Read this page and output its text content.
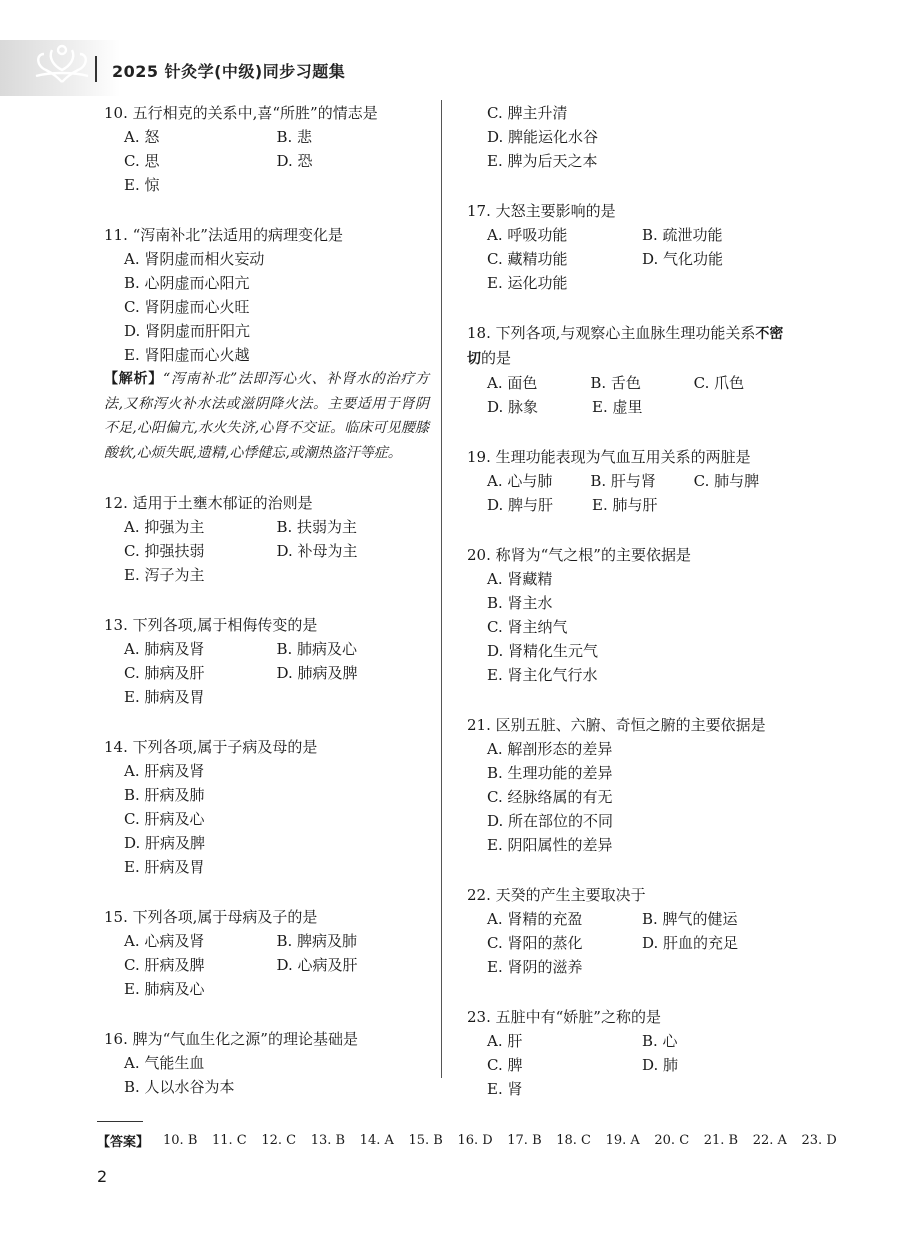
2025 针灸学(中级)同步习题集
10. 五行相克的关系中,喜“所胜”的情志是
A. 怒	B. 悲
C. 思	D. 恐
E. 惊
11. “泻南补北”法适用的病理变化是
A. 肾阴虚而相火妄动
B. 心阴虚而心阳亢
C. 肾阴虚而心火旺
D. 肾阴虚而肝阳亢
E. 肾阳虚而心火越
【解析】“泻南补北”法即泻心火、补肾水的治疗方法,又称泻火补水法或滋阴降火法。主要适用于肾阴不足,心阳偏亢,水火失济,心肾不交证。临床可见腰膝酸软,心烦失眠,遗精,心悸健忘,或潮热盗汗等症。
12. 适用于土壅木郁证的治则是
A. 抑强为主	B. 扶弱为主
C. 抑强扶弱	D. 补母为主
E. 泻子为主
13. 下列各项,属于相侮传变的是
A. 肺病及肾	B. 肺病及心
C. 肺病及肝	D. 肺病及脾
E. 肺病及胃
14. 下列各项,属于子病及母的是
A. 肝病及肾
B. 肝病及肺
C. 肝病及心
D. 肝病及脾
E. 肝病及胃
15. 下列各项,属于母病及子的是
A. 心病及肾	B. 脾病及肺
C. 肝病及脾	D. 心病及肝
E. 肺病及心
16. 脾为“气血生化之源”的理论基础是
A. 气能生血
B. 人以水谷为本
C. 脾主升清
D. 脾能运化水谷
E. 脾为后天之本
17. 大怒主要影响的是
A. 呼吸功能	B. 疏泄功能
C. 藏精功能	D. 气化功能
E. 运化功能
18. 下列各项,与观察心主血脉生理功能关系不密切的是
A. 面色	B. 舌色	C. 爪色
D. 脉象	E. 虚里
19. 生理功能表现为气血互用关系的两脏是
A. 心与肺	B. 肝与肾	C. 肺与脾
D. 脾与肝	E. 肺与肝
20. 称肾为“气之根”的主要依据是
A. 肾藏精
B. 肾主水
C. 肾主纳气
D. 肾精化生元气
E. 肾主化气行水
21. 区别五脏、六腑、奇恒之腑的主要依据是
A. 解剖形态的差异
B. 生理功能的差异
C. 经脉络属的有无
D. 所在部位的不同
E. 阴阳属性的差异
22. 天癸的产生主要取决于
A. 肾精的充盈	B. 脾气的健运
C. 肾阳的蒸化	D. 肝血的充足
E. 肾阴的滋养
23. 五脏中有“娇脏”之称的是
A. 肝	B. 心
C. 脾	D. 肺
E. 肾
【答案】 10. B 11. C 12. C 13. B 14. A 15. B 16. D 17. B 18. C 19. A 20. C 21. B 22. A 23. D
2
